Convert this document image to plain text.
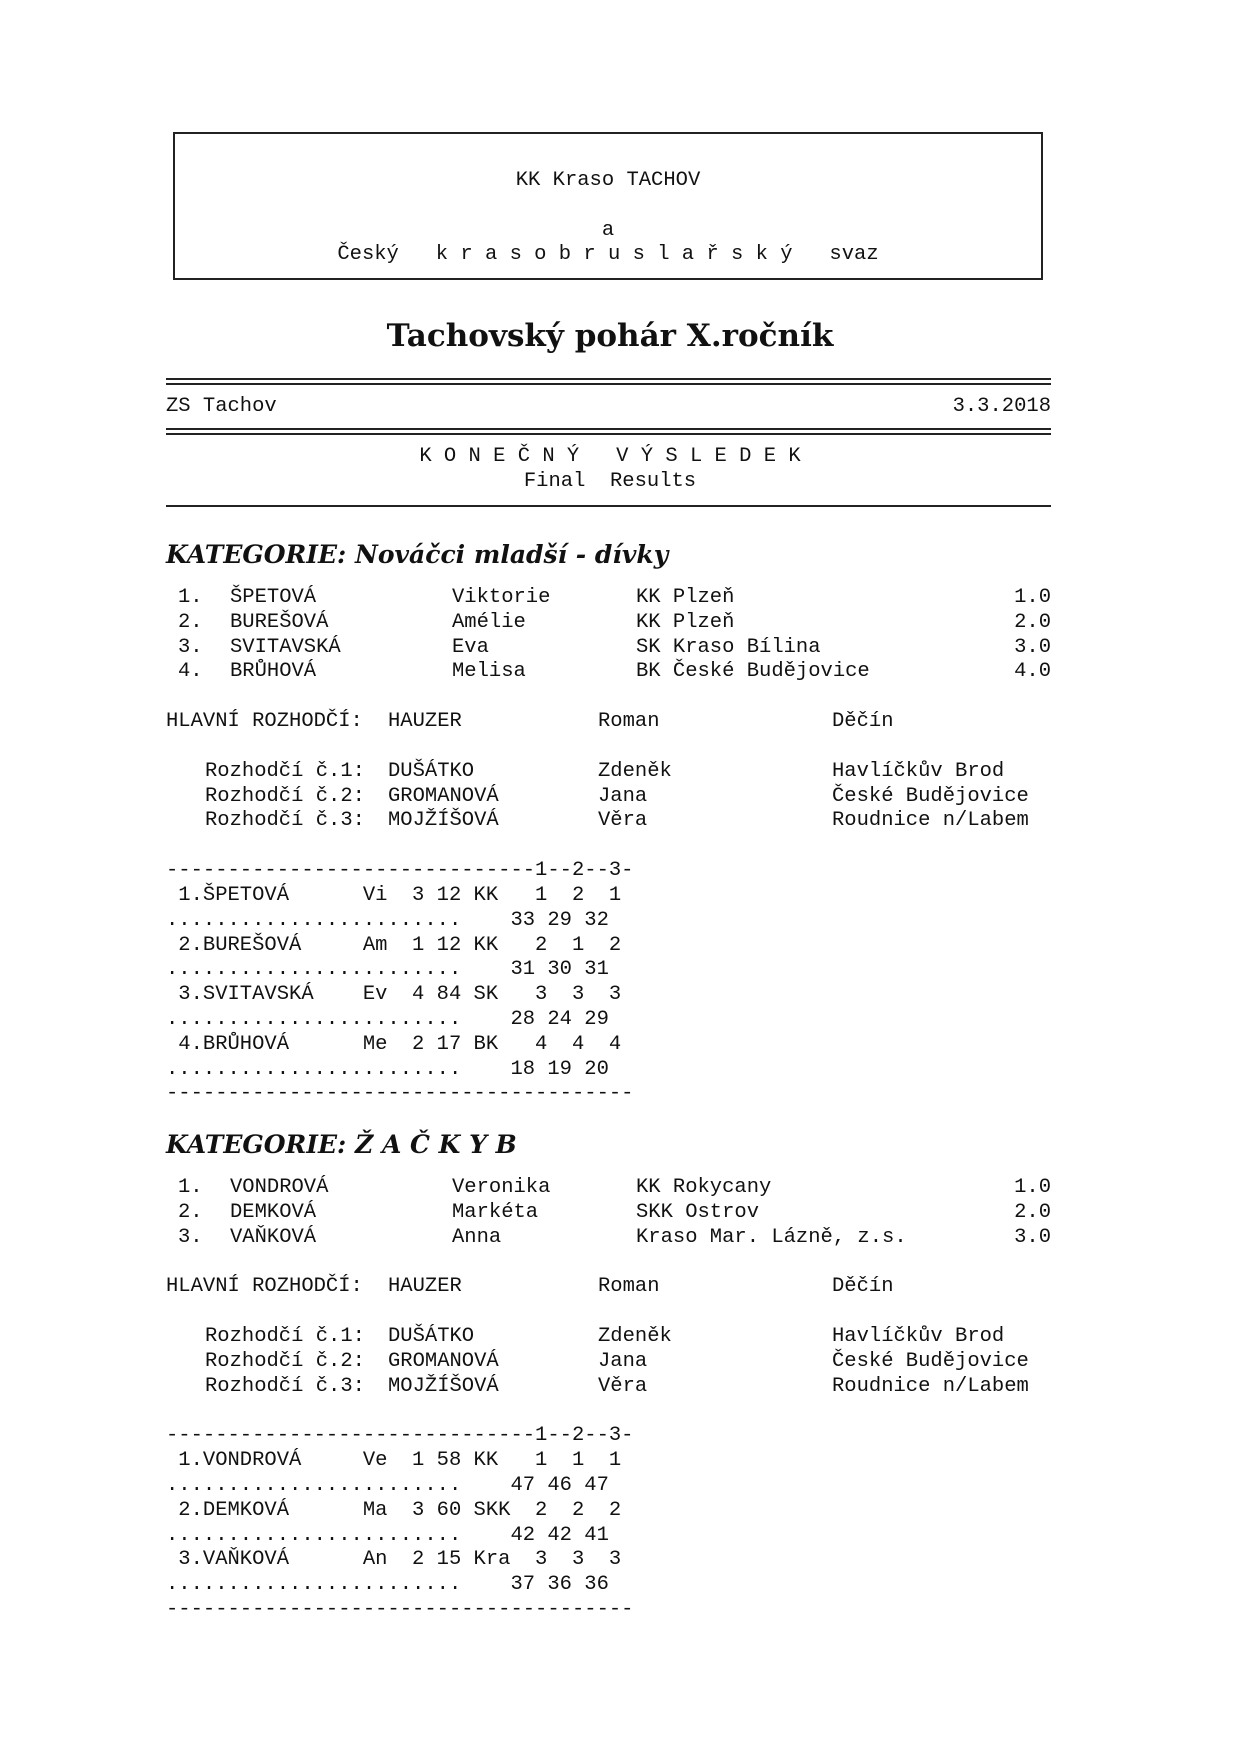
KK Kraso TACHOV
a
Český   k r a s o b r u s l a ř s k ý   svaz
Tachovský pohár X.ročník
ZS Tachov	3.3.2018
K O N E Č N Ý   V Ý S L E D E K
Final  Results
KATEGORIE: Nováčci mladší - dívky
1. ŠPETOVÁ	Viktorie	KK Plzeň	1.0
2. BUREŠOVÁ	Amélie	KK Plzeň	2.0
3. SVITAVSKÁ	Eva	SK Kraso Bílina	3.0
4. BRŮHOVÁ	Melisa	BK České Budějovice	4.0
HLAVNÍ ROZHODČÍ: HAUZER	Roman	Děčín
Rozhodčí č.1: DUŠÁTKO	Zdeněk	Havlíčkův Brod
Rozhodčí č.2: GROMANOVÁ	Jana	České Budějovice
Rozhodčí č.3: MOJŽÍŠOVÁ	Věra	Roudnice n/Labem
------------------------------1--2--3-
1.ŠPETOVÁ      Vi  3 12 KK   1  2  1
........................    33 29 32
2.BUREŠOVÁ     Am  1 12 KK   2  1  2
........................    31 30 31
3.SVITAVSKÁ    Ev  4 84 SK   3  3  3
........................    28 24 29
4.BRŮHOVÁ      Me  2 17 BK   4  4  4
........................    18 19 20
--------------------------------------
KATEGORIE: Ž A Č K Y B
1. VONDROVÁ	Veronika	KK Rokycany	1.0
2. DEMKOVÁ	Markéta	SKK Ostrov	2.0
3. VAŇKOVÁ	Anna	Kraso Mar. Lázně, z.s.	3.0
HLAVNÍ ROZHODČÍ: HAUZER	Roman	Děčín
Rozhodčí č.1: DUŠÁTKO	Zdeněk	Havlíčkův Brod
Rozhodčí č.2: GROMANOVÁ	Jana	České Budějovice
Rozhodčí č.3: MOJŽÍŠOVÁ	Věra	Roudnice n/Labem
------------------------------1--2--3-
1.VONDROVÁ     Ve  1 58 KK   1  1  1
........................    47 46 47
2.DEMKOVÁ      Ma  3 60 SKK  2  2  2
........................    42 42 41
3.VAŇKOVÁ      An  2 15 Kra  3  3  3
........................    37 36 36
--------------------------------------
